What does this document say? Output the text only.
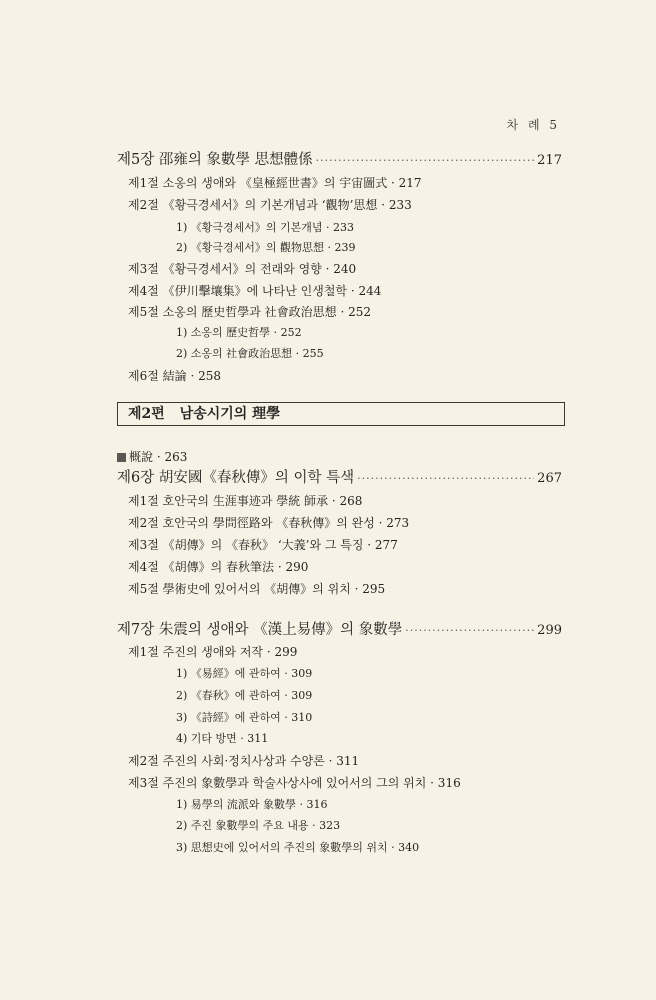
차 례 5
제5장 邵雍의 象數學 思想體係 ·····	217
제1절 소옹의 생애와 《皇極經世書》의 宇宙圖式 · 217
제2절 《황극경세서》의 기본개념과 ‘觀物’思想 · 233
1) 《황극경세서》의 기본개념 · 233
2) 《황극경세서》의 觀物思想 · 239
제3절 《황극경세서》의 전래와 영향 · 240
제4절 《伊川擊壤集》에 나타난 인생철학 · 244
제5절 소옹의 歷史哲學과 社會政治思想 · 252
1) 소옹의 歷史哲學 · 252
2) 소옹의 社會政治思想 · 255
제6절 結論 · 258
제2편 남송시기의 理學
概說 · 263
제6장 胡安國《春秋傳》의 이학 특색 ·····	267
제1절 호안국의 生涯事迹과 學統 師承 · 268
제2절 호안국의 學問徑路와 《春秋傳》의 완성 · 273
제3절 《胡傳》의 《春秋》 ‘大義’와 그 특징 · 277
제4절 《胡傳》의 春秋筆法 · 290
제5절 學術史에 있어서의 《胡傳》의 위치 · 295
제7장 朱震의 생애와 《漢上易傳》의 象數學 ·····	299
제1절 주진의 생애와 저작 · 299
1) 《易經》에 관하여 · 309
2) 《春秋》에 관하여 · 309
3) 《詩經》에 관하여 · 310
4) 기타 방면 · 311
제2절 주진의 사회·정치사상과 수양론 · 311
제3절 주진의 象數學과 학술사상사에 있어서의 그의 위치 · 316
1) 易學의 流派와 象數學 · 316
2) 주진 象數學의 주요 내용 · 323
3) 思想史에 있어서의 주진의 象數學의 위치 · 340
